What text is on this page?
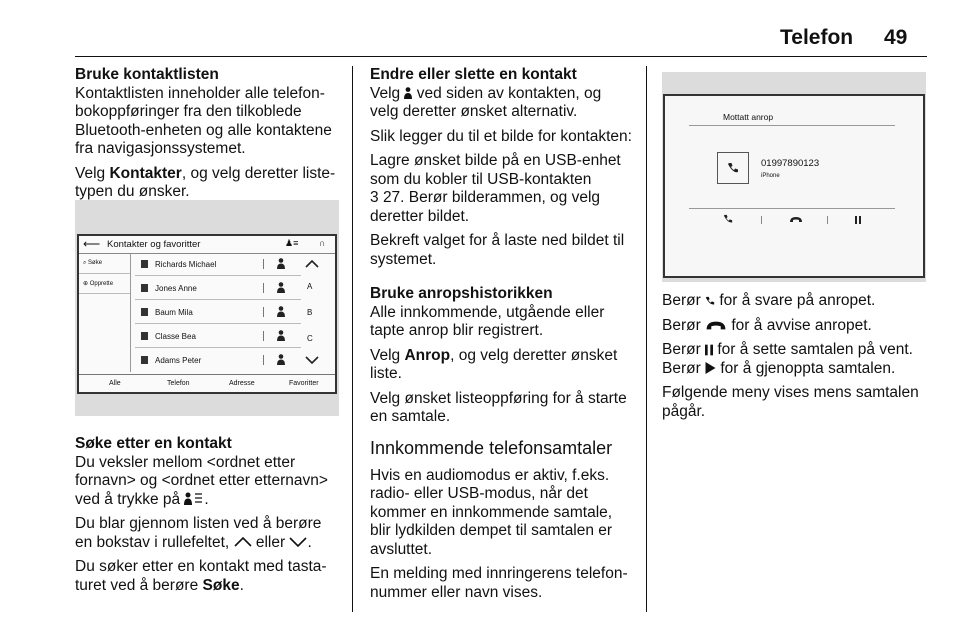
Telefon 49
Bruke kontaktlisten

Kontaktlisten inneholder alle telefon-
bokoppføringer fra den tilkoblede
Bluetooth-enheten og alle kontaktene
fra navigasjonssystemet.

Velg Kontakter, og velg deretter liste-
typen du ønsker.

⟵ Kontakter og favoritter	♟≡ ∩
⌕ Søke
⊕ Opprette
Richards Michael
Jones Anne
Baum Mila
Classe Bea
Adams Peter
A
B
C
Alle	Telefon	Adresse	Favoritter
Søke etter en kontakt

Du veksler mellom <ordnet etter
fornavn> og <ordnet etter etternavn>
ved å trykke på .

Du blar gjennom listen ved å berøre
en bokstav i rullefeltet, eller .

Du søker etter en kontakt med tasta-
turet ved å berøre Søke.

Endre eller slette en kontakt

Velg ved siden av kontakten, og
velg deretter ønsket alternativ.

Slik legger du til et bilde for kontakten:

Lagre ønsket bilde på en USB-enhet
som du kobler til USB-kontakten
3 27. Berør bilderammen, og velg
deretter bildet.

Bekreft valget for å laste ned bildet til
systemet.

Bruke anropshistorikken

Alle innkommende, utgående eller
tapte anrop blir registrert.

Velg Anrop, og velg deretter ønsket
liste.

Velg ønsket listeoppføring for å starte
en samtale.

Innkommende telefonsamtaler

Hvis en audiomodus er aktiv, f.eks.
radio- eller USB-modus, når det
kommer en innkommende samtale,
blir lydkilden dempet til samtalen er
avsluttet.

En melding med innringerens telefon-
nummer eller navn vises.

Mottatt anrop
01997890123
iPhone

Berør for å svare på anropet.

Berør for å avvise anropet.

Berør for å sette samtalen på vent.
Berør for å gjenoppta samtalen.

Følgende meny vises mens samtalen
pågår.
